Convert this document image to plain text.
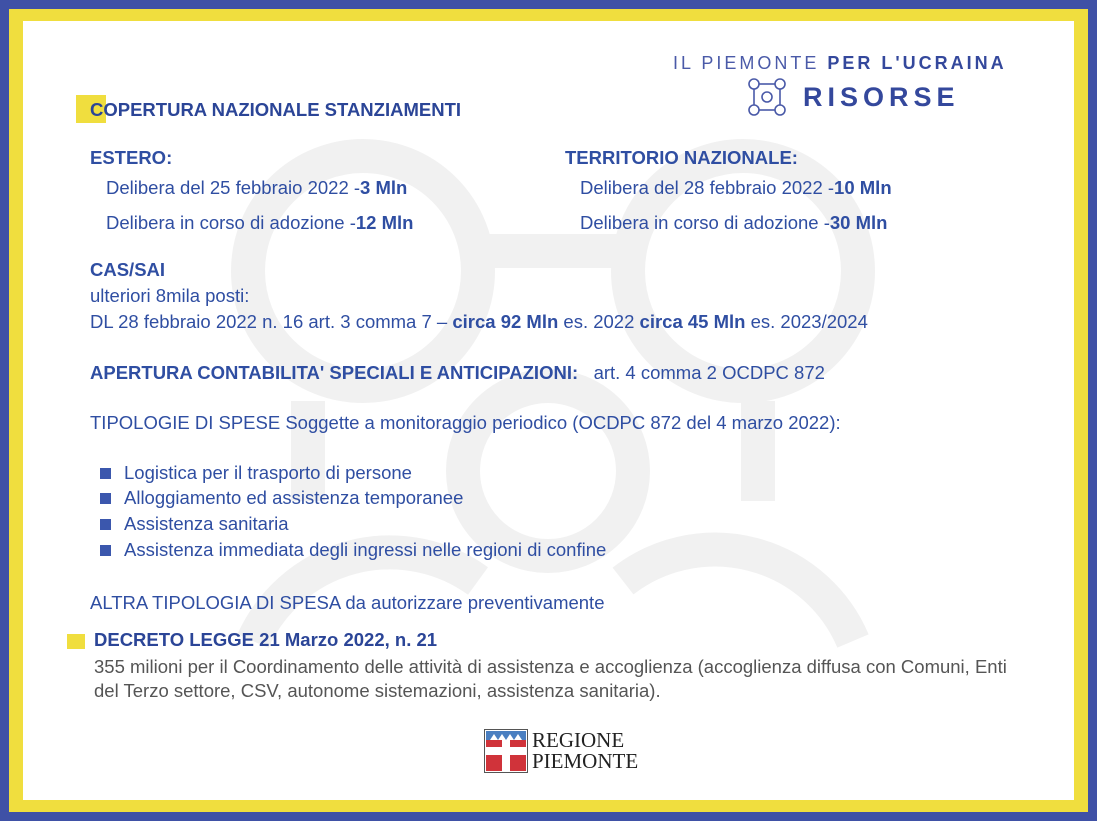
IL PIEMONTE PER L'UCRAINA
RISORSE
COPERTURA NAZIONALE STANZIAMENTI
ESTERO:
Delibera del 25 febbraio 2022 -3 Mln
Delibera in corso di adozione -12 Mln
TERRITORIO NAZIONALE:
Delibera del 28 febbraio 2022 -10 Mln
Delibera in corso di adozione -30 Mln
CAS/SAI
ulteriori 8mila posti:
DL 28 febbraio 2022 n. 16 art. 3 comma 7 – circa 92 Mln es. 2022 circa 45 Mln es. 2023/2024
APERTURA CONTABILITA' SPECIALI E ANTICIPAZIONI: art. 4 comma 2 OCDPC 872
TIPOLOGIE DI SPESE Soggette a monitoraggio periodico (OCDPC 872 del 4 marzo 2022):
Logistica per il trasporto di persone
Alloggiamento ed assistenza temporanee
Assistenza sanitaria
Assistenza immediata degli ingressi nelle regioni di confine
ALTRA TIPOLOGIA DI SPESA da autorizzare preventivamente
DECRETO LEGGE 21 Marzo 2022, n. 21
355 milioni per il Coordinamento delle attività di assistenza e accoglienza (accoglienza diffusa con Comuni, Enti del Terzo settore, CSV, autonome sistemazioni, assistenza sanitaria).
REGIONE
PIEMONTE
